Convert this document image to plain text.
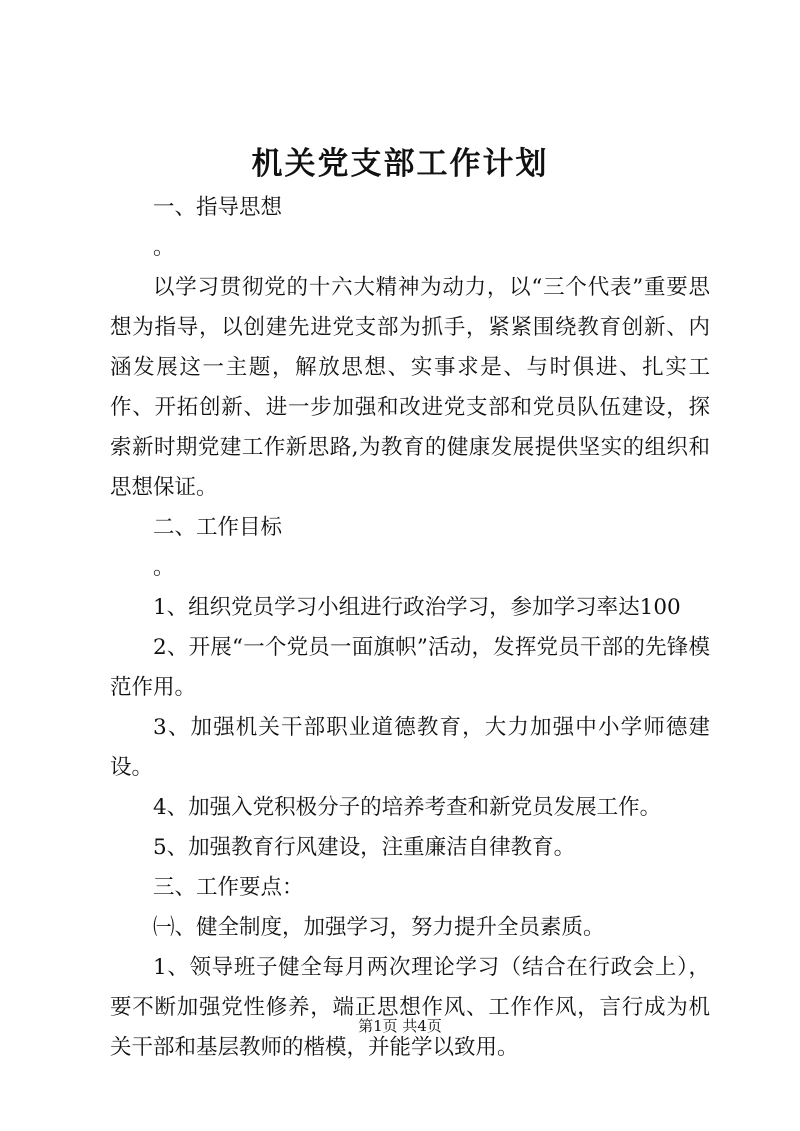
机关党支部工作计划

一、指导思想

。

以学习贯彻党的十六大精神为动力，以“三个代表”重要思想为指导，以创建先进党支部为抓手，紧紧围绕教育创新、内涵发展这一主题，解放思想、实事求是、与时俱进、扎实工作、开拓创新、进一步加强和改进党支部和党员队伍建设，探索新时期党建工作新思路,为教育的健康发展提供坚实的组织和思想保证。

二、工作目标

。

1、组织党员学习小组进行政治学习，参加学习率达100

2、开展“一个党员一面旗帜”活动，发挥党员干部的先锋模范作用。

3、加强机关干部职业道德教育，大力加强中小学师德建设。

4、加强入党积极分子的培养考查和新党员发展工作。

5、加强教育行风建设，注重廉洁自律教育。

三、工作要点：

㈠、健全制度，加强学习，努力提升全员素质。

1、领导班子健全每月两次理论学习（结合在行政会上），要不断加强党性修养，端正思想作风、工作作风，言行成为机关干部和基层教师的楷模，并能学以致用。

第1页 共4页
